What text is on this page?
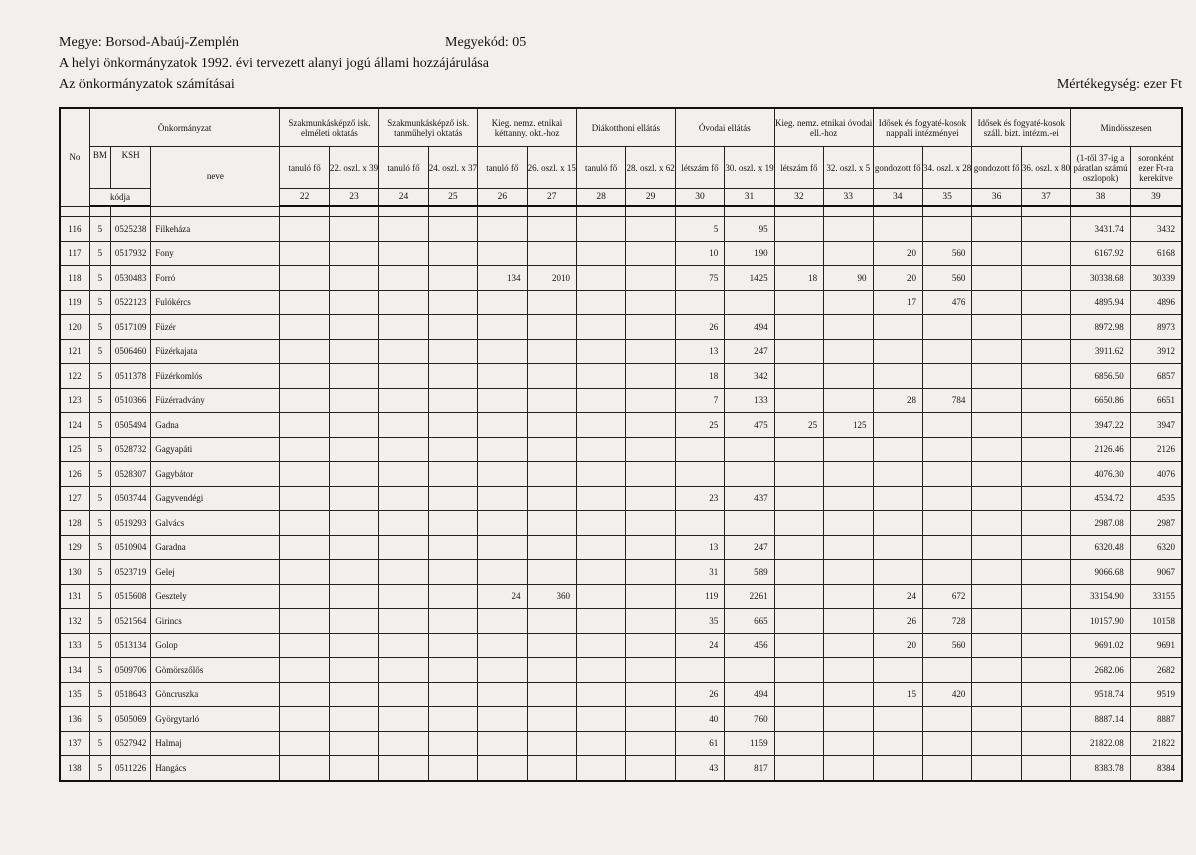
Megye: Borsod-Abaúj-Zemplén	Megyekód: 05
A helyi önkormányzatok 1992. évi tervezett alanyi jogú állami hozzájárulása
Az önkormányzatok számításai	Mértékegység: ezer Ft
No	Önkormányzat			Szakmunkásképző isk. elméleti oktatás		Szakmunkásképző isk. tanműhelyi oktatás		Kieg. nemz. etnikai kéttanny. okt.-hoz		Diákotthoni ellátás		Óvodai ellátás		Kieg. nemz. etnikai óvodai ell.-hoz		Idősek és fogyaté-kosok nappali intézményei		Idősek és fogyaté-kosok száll. bizt. intézm.-ei		Mindösszesen	
	BM	KSH	neve	tanuló fő	22. oszl. x 39	tanuló fő	24. oszl. x 37	tanuló fő	26. oszl. x 15	tanuló fő	28. oszl. x 62	létszám fő	30. oszl. x 19	létszám fő	32. oszl. x 5	gondozott fő	34. oszl. x 28	gondozott fő	36. oszl. x 80	(1-től 37-ig a páratlan számú oszlopok)	soronként ezer Ft-ra kerekítve
	kódja			22	23	24	25	26	27	28	29	30	31	32	33	34	35	36	37	38	39

116	5	0525238	Filkeháza									5	95							3431.74	3432
117	5	0517932	Fony									10	190			20	560			6167.92	6168
118	5	0530483	Forró					134	2010			75	1425	18	90	20	560			30338.68	30339
119	5	0522123	Fulókércs													17	476			4895.94	4896
120	5	0517109	Füzér									26	494							8972.98	8973
121	5	0506460	Füzérkajata									13	247							3911.62	3912
122	5	0511378	Füzérkomlós									18	342							6856.50	6857
123	5	0510366	Füzérradvány									7	133			28	784			6650.86	6651
124	5	0505494	Gadna									25	475	25	125					3947.22	3947
125	5	0528732	Gagyapáti																	2126.46	2126
126	5	0528307	Gagybátor																	4076.30	4076
127	5	0503744	Gagyvendégi									23	437							4534.72	4535
128	5	0519293	Galvács																	2987.08	2987
129	5	0510904	Garadna									13	247							6320.48	6320
130	5	0523719	Gelej									31	589							9066.68	9067
131	5	0515608	Gesztely					24	360			119	2261			24	672			33154.90	33155
132	5	0521564	Girincs									35	665			26	728			10157.90	10158
133	5	0513134	Golop									24	456			20	560			9691.02	9691
134	5	0509706	Gömörszőlős																	2682.06	2682
135	5	0518643	Göncruszka									26	494			15	420			9518.74	9519
136	5	0505069	Györgytarló									40	760							8887.14	8887
137	5	0527942	Halmaj									61	1159							21822.08	21822
138	5	0511226	Hangács									43	817							8383.78	8384
